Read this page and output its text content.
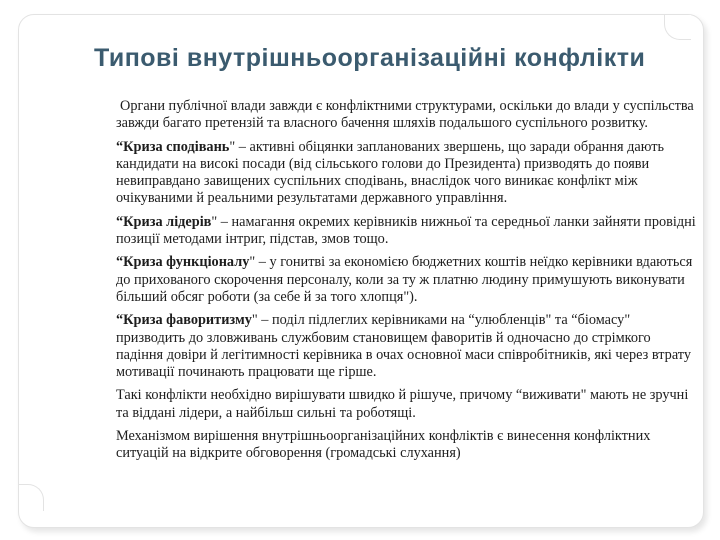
Типові внутрішньоорганізаційні конфлікти

Органи публічної влади завжди є конфліктними структурами, оскільки до влади у суспільства завжди багато претензій та власного бачення шляхів подальшого суспільного розвитку.

“Криза сподівань" – активні обіцянки запланованих звершень, що заради обрання дають кандидати на високі посади (від сільського голови до Президента) призводять до появи невиправдано завищених суспільних сподівань, внаслідок чого виникає конфлікт між очікуваними й реальними результатами державного управління.

“Криза лідерів" – намагання окремих керівників нижньої та середньої ланки зайняти провідні позиції методами інтриг, підстав, змов тощо.

“Криза функціоналу" – у гонитві за економією бюджетних коштів неїдко керівники вдаються до прихованого скорочення персоналу, коли за ту ж платню людину примушують виконувати більший обсяг роботи (за себе й за того хлопця").

“Криза фаворитизму" – поділ підлеглих керівниками на “улюбленців" та “біомасу" призводить до зловживань службовим становищем фаворитів й одночасно до стрімкого падіння довіри й легітимності керівника в очах основної маси співробітників, які через втрату мотивації починають працювати ще гірше.

Такі конфлікти необхідно вирішувати швидко й рішуче, причому “виживати" мають не зручні та віддані лідери, а найбільш сильні та роботящі.

Механізмом вирішення внутрішньоорганізаційних конфліктів є винесення конфліктних ситуацій на відкрите обговорення (громадські слухання)
